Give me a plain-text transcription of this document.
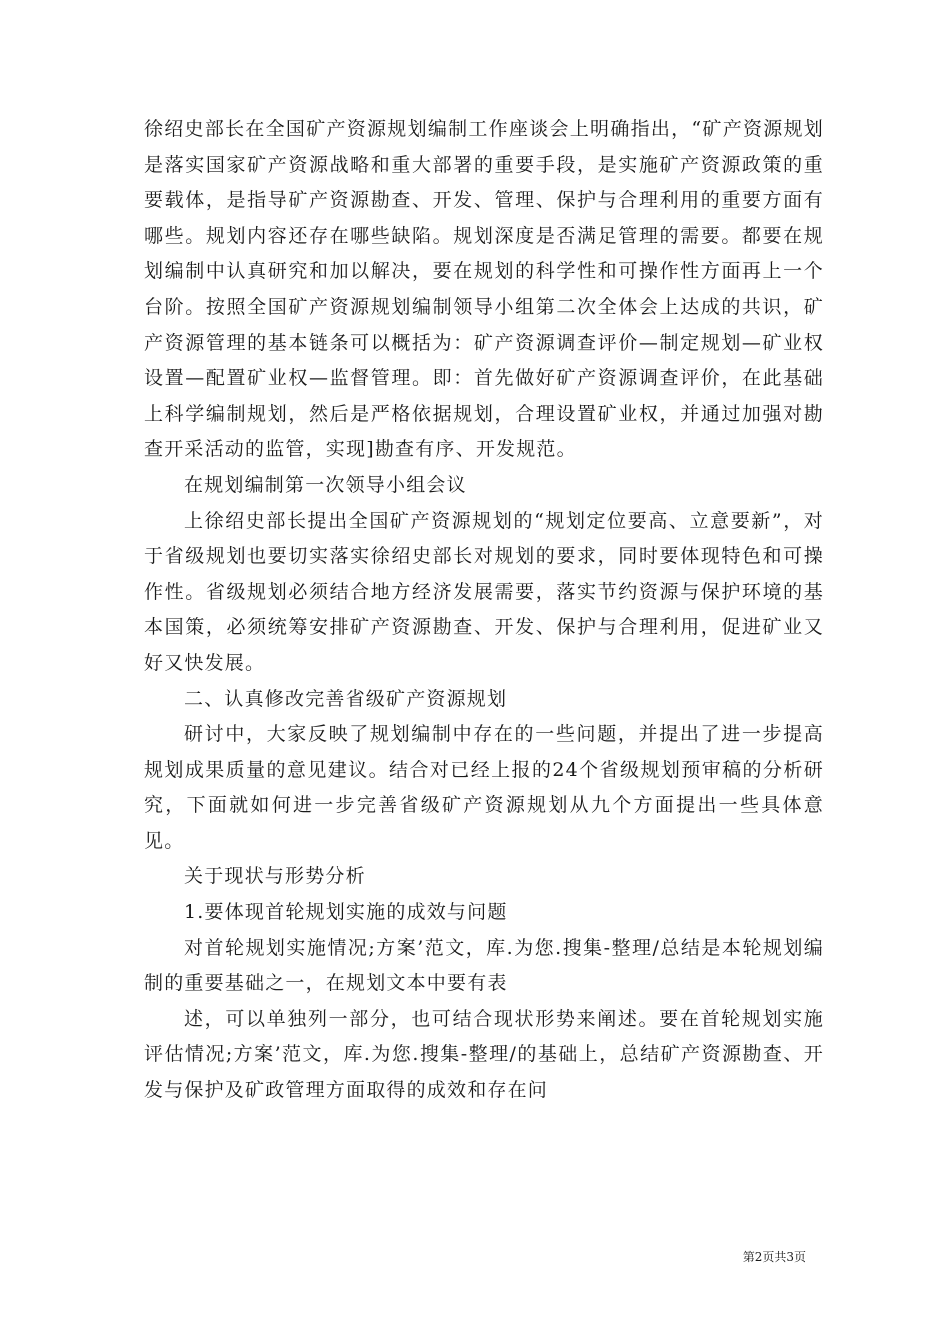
徐绍史部长在全国矿产资源规划编制工作座谈会上明确指出，“矿产资源规划是落实国家矿产资源战略和重大部署的重要手段，是实施矿产资源政策的重要载体，是指导矿产资源勘查、开发、管理、保护与合理利用的重要方面有哪些。规划内容还存在哪些缺陷。规划深度是否满足管理的需要。都要在规划编制中认真研究和加以解决，要在规划的科学性和可操作性方面再上一个台阶。按照全国矿产资源规划编制领导小组第二次全体会上达成的共识，矿产资源管理的基本链条可以概括为：矿产资源调查评价—制定规划—矿业权设置—配置矿业权—监督管理。即：首先做好矿产资源调查评价，在此基础上科学编制规划，然后是严格依据规划，合理设置矿业权，并通过加强对勘查开采活动的监管，实现]勘查有序、开发规范。

在规划编制第一次领导小组会议

上徐绍史部长提出全国矿产资源规划的“规划定位要高、立意要新”，对于省级规划也要切实落实徐绍史部长对规划的要求，同时要体现特色和可操作性。省级规划必须结合地方经济发展需要，落实节约资源与保护环境的基本国策，必须统筹安排矿产资源勘查、开发、保护与合理利用，促进矿业又好又快发展。

二、认真修改完善省级矿产资源规划

研讨中，大家反映了规划编制中存在的一些问题，并提出了进一步提高规划成果质量的意见建议。结合对已经上报的24个省级规划预审稿的分析研究，下面就如何进一步完善省级矿产资源规划从九个方面提出一些具体意见。

关于现状与形势分析

1.要体现首轮规划实施的成效与问题

对首轮规划实施情况;方案’范文，库.为您.搜集-整理/总结是本轮规划编制的重要基础之一，在规划文本中要有表

述，可以单独列一部分，也可结合现状形势来阐述。要在首轮规划实施评估情况;方案’范文，库.为您.搜集-整理/的基础上，总结矿产资源勘查、开发与保护及矿政管理方面取得的成效和存在问

第2页共3页
